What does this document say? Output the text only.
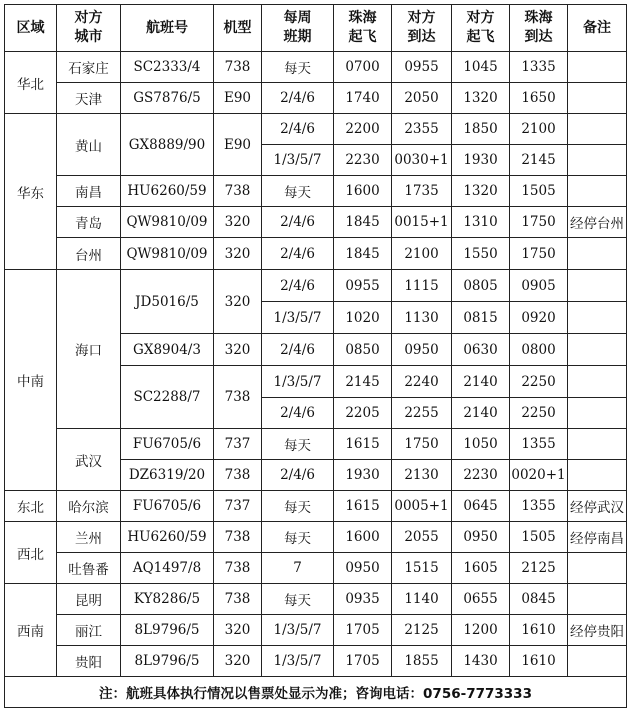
区域	对方城市	航班号	机型	每周班期	珠海起飞	对方到达	对方起飞	珠海到达	备注
华北	石家庄	SC2333/4	738	每天	0700	0955	1045	1335	
	天津	GS7876/5	E90	2/4/6	1740	2050	1320	1650	
华东	黄山	GX8889/90	E90	2/4/6	2200	2355	1850	2100	
				1/3/5/7	2230	0030+1	1930	2145	
	南昌	HU6260/59	738	每天	1600	1735	1320	1505	
	青岛	QW9810/09	320	2/4/6	1845	0015+1	1310	1750	经停台州
	台州	QW9810/09	320	2/4/6	1845	2100	1550	1750	
中南	海口	JD5016/5	320	2/4/6	0955	1115	0805	0905	
				1/3/5/7	1020	1130	0815	0920	
		GX8904/3	320	2/4/6	0850	0950	0630	0800	
		SC2288/7	738	1/3/5/7	2145	2240	2140	2250	
				2/4/6	2205	2255	2140	2250	
	武汉	FU6705/6	737	每天	1615	1750	1050	1355	
		DZ6319/20	738	2/4/6	1930	2130	2230	0020+1	
东北	哈尔滨	FU6705/6	737	每天	1615	0005+1	0645	1355	经停武汉
西北	兰州	HU6260/59	738	每天	1600	2055	0950	1505	经停南昌
	吐鲁番	AQ1497/8	738	7	0950	1515	1605	2125	
西南	昆明	KY8286/5	738	每天	0935	1140	0655	0845	
	丽江	8L9796/5	320	1/3/5/7	1705	2125	1200	1610	经停贵阳
	贵阳	8L9796/5	320	1/3/5/7	1705	1855	1430	1610	
注：航班具体执行情况以售票处显示为准；咨询电话：0756-7773333									
